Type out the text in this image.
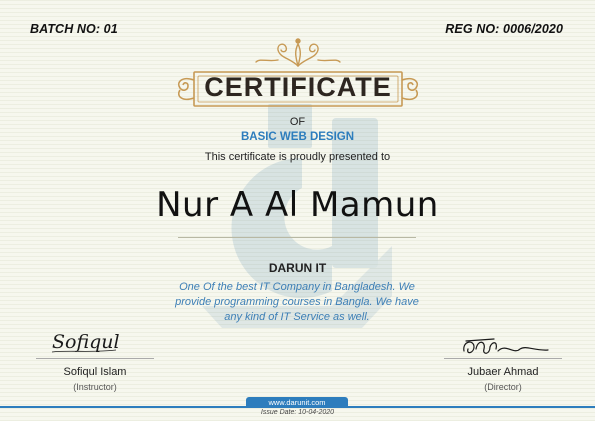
BATCH NO: 01	REG NO: 0006/2020
CERTIFICATE
OF
BASIC WEB DESIGN
This certificate is proudly presented to
Nur A Al Mamun
DARUN IT
One Of the best IT Company in Bangladesh. We
provide programming courses in Bangla. We have
any kind of IT Service as well.
Sofiqul
Sofiqul Islam
(Instructor)
Jubaer Ahmad
(Director)
www.darunit.com
Issue Date: 10-04-2020
